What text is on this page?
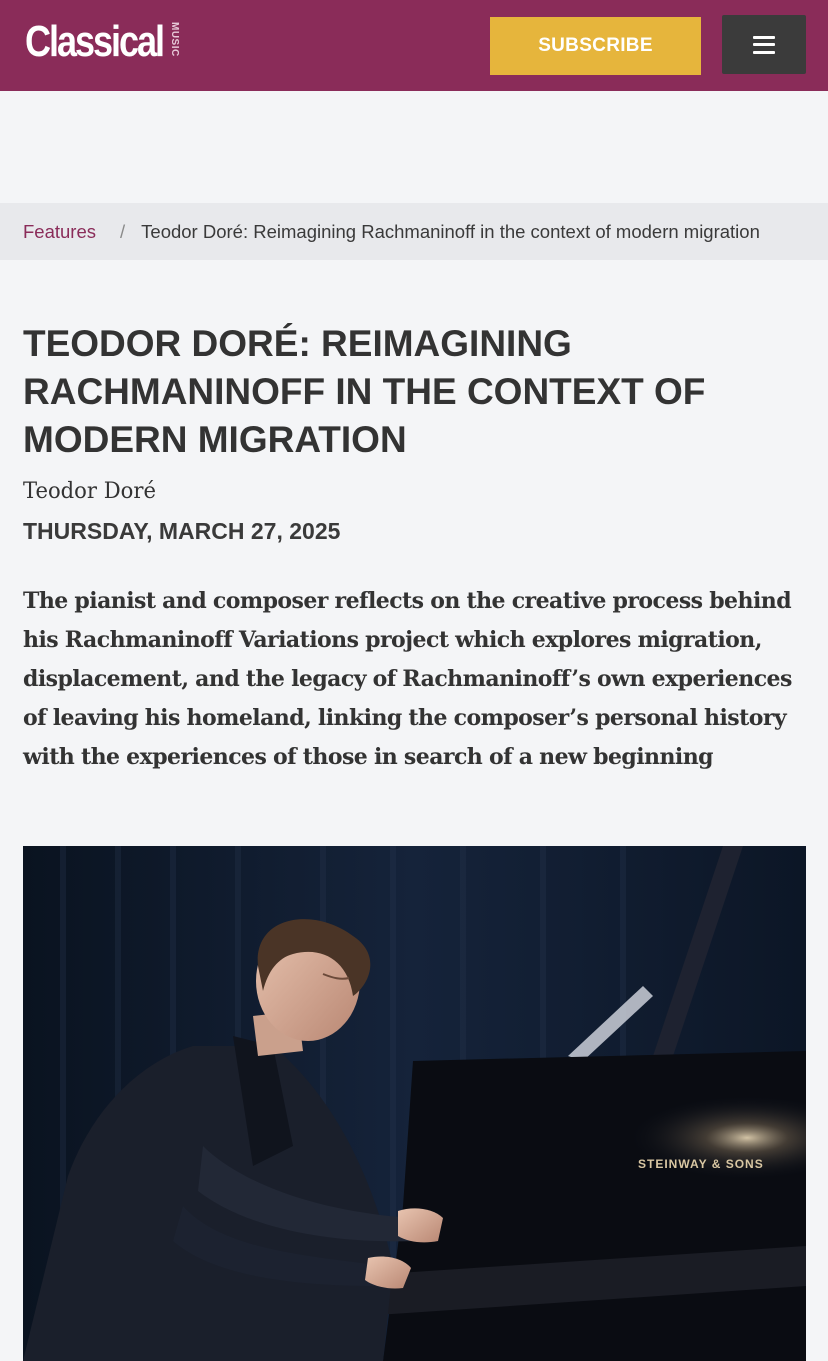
Classical MUSIC	SUBSCRIBE
Features / Teodor Doré: Reimagining Rachmaninoff in the context of modern migration
TEODOR DORÉ: REIMAGINING RACHMANINOFF IN THE CONTEXT OF MODERN MIGRATION
Teodor Doré
THURSDAY, MARCH 27, 2025

The pianist and composer reflects on the creative process behind his Rachmaninoff Variations project which explores migration, displacement, and the legacy of Rachmaninoff’s own experiences of leaving his homeland, linking the composer’s personal history with the experiences of those in search of a new beginning

STEINWAY & SONS
